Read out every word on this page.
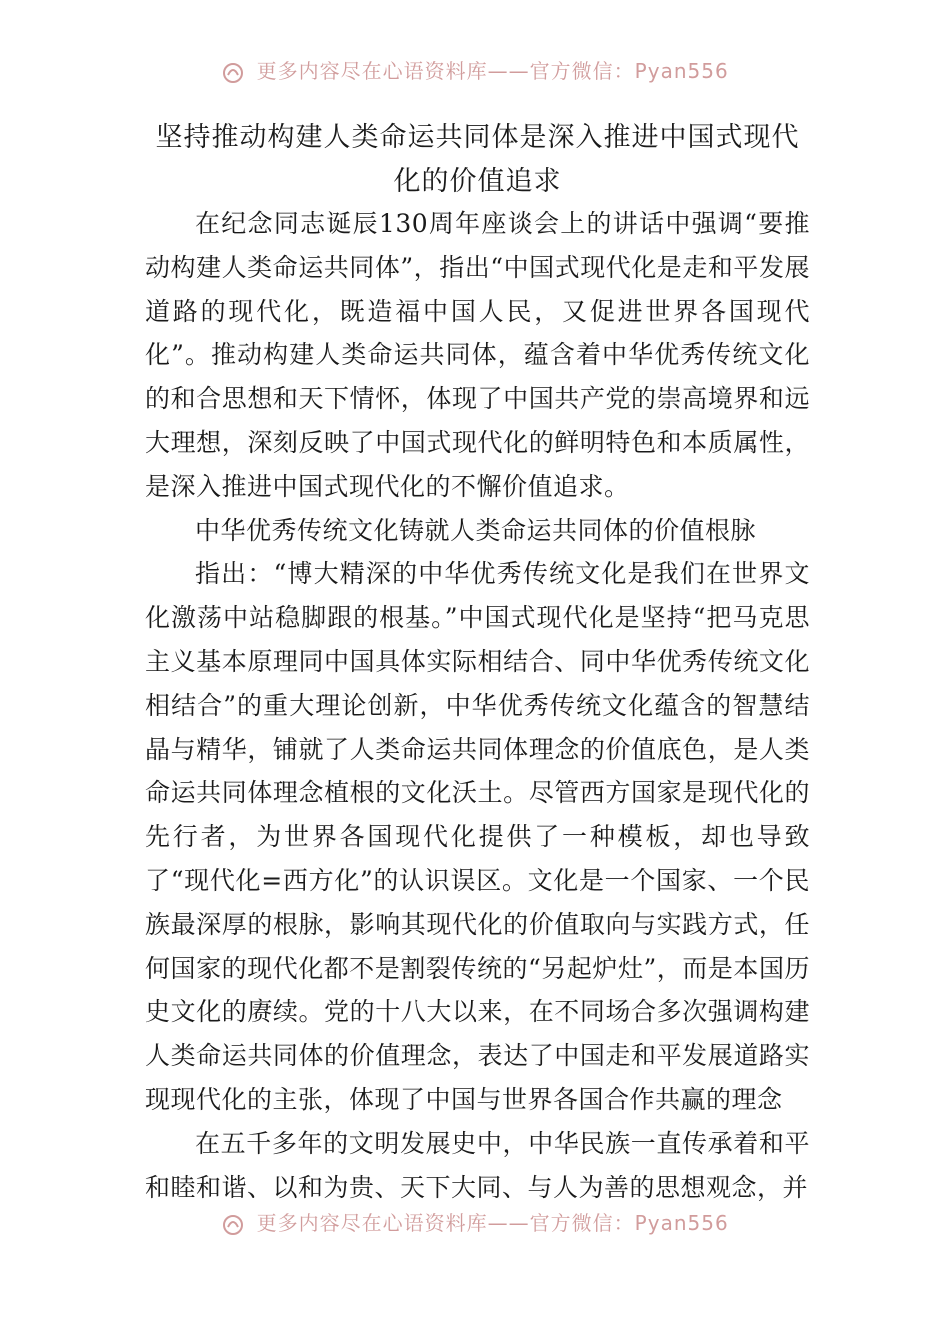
更多内容尽在心语资料库——官方微信：Pyan556
坚持推动构建人类命运共同体是深入推进中国式现代化的价值追求

在纪念同志诞辰130周年座谈会上的讲话中强调“要推动构建人类命运共同体”，指出“中国式现代化是走和平发展道路的现代化，既造福中国人民，又促进世界各国现代化”。推动构建人类命运共同体，蕴含着中华优秀传统文化的和合思想和天下情怀，体现了中国共产党的崇高境界和远大理想，深刻反映了中国式现代化的鲜明特色和本质属性，是深入推进中国式现代化的不懈价值追求。

中华优秀传统文化铸就人类命运共同体的价值根脉

指出：“博大精深的中华优秀传统文化是我们在世界文化激荡中站稳脚跟的根基。”中国式现代化是坚持“把马克思主义基本原理同中国具体实际相结合、同中华优秀传统文化相结合”的重大理论创新，中华优秀传统文化蕴含的智慧结晶与精华，铺就了人类命运共同体理念的价值底色，是人类命运共同体理念植根的文化沃土。尽管西方国家是现代化的先行者，为世界各国现代化提供了一种模板，却也导致了“现代化=西方化”的认识误区。文化是一个国家、一个民族最深厚的根脉，影响其现代化的价值取向与实践方式，任何国家的现代化都不是割裂传统的“另起炉灶”，而是本国历史文化的赓续。党的十八大以来，在不同场合多次强调构建人类命运共同体的价值理念，表达了中国走和平发展道路实现现代化的主张，体现了中国与世界各国合作共赢的理念

在五千多年的文明发展史中，中华民族一直传承着和平和睦和谐、以和为贵、天下大同、与人为善的思想观念，并

更多内容尽在心语资料库——官方微信：Pyan556
